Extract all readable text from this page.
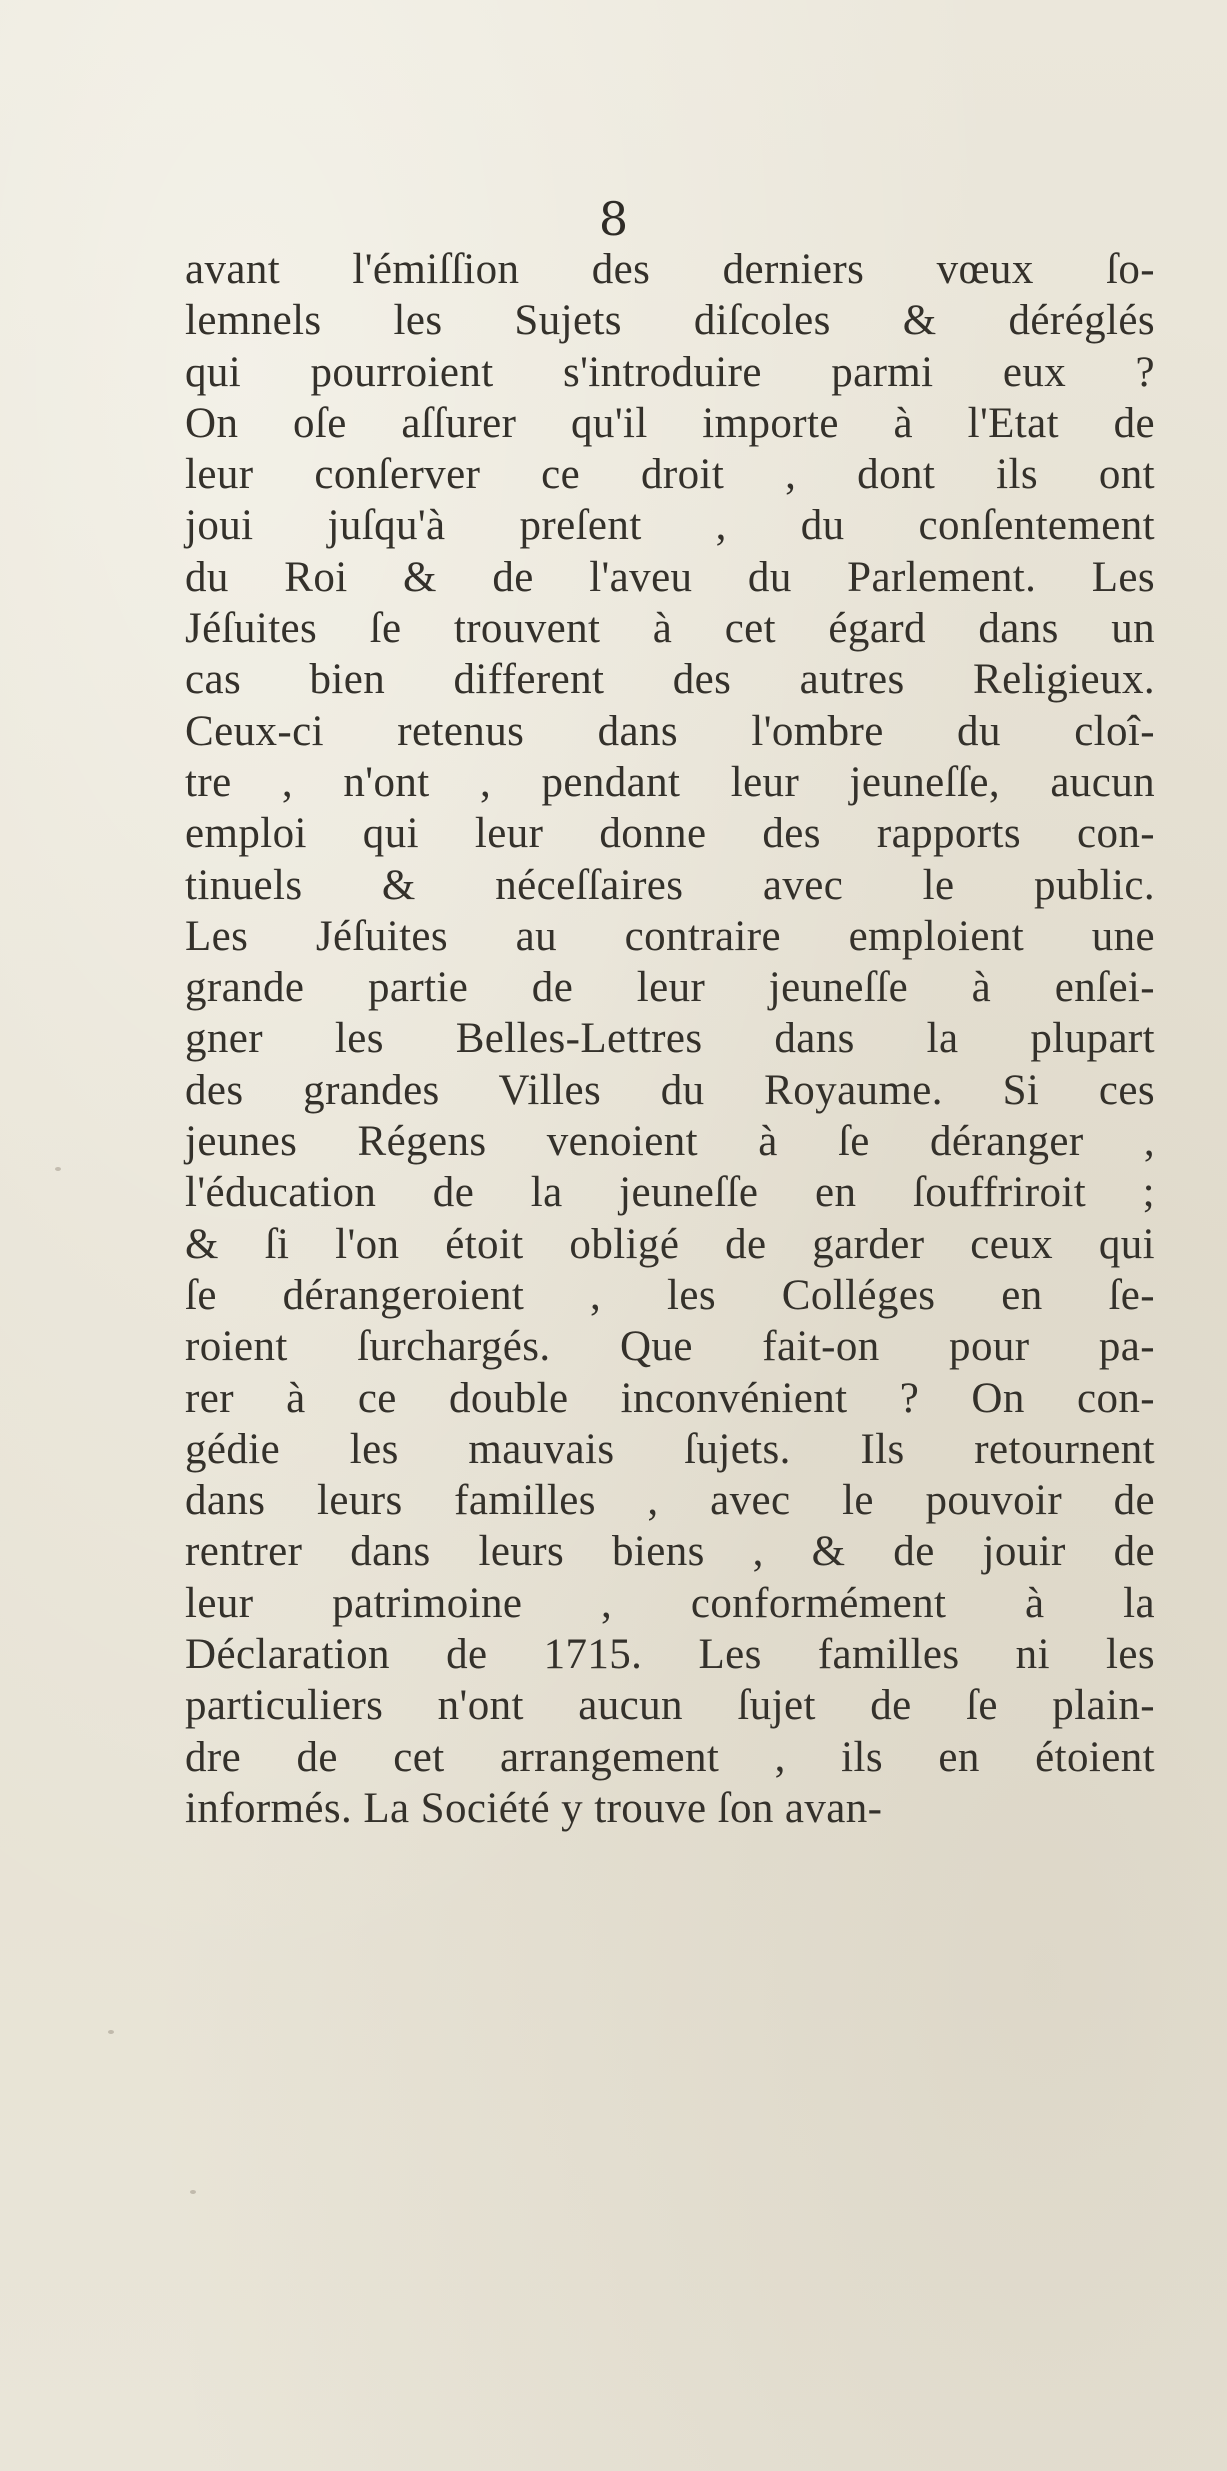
8
avant l'émiſſion des derniers vœux ſo-
lemnels les Sujets diſcoles & déréglés
qui pourroient s'introduire parmi eux ?
On oſe aſſurer qu'il importe à l'Etat de
leur conſerver ce droit , dont ils ont
joui juſqu'à preſent , du conſentement
du Roi & de l'aveu du Parlement. Les
Jéſuites ſe trouvent à cet égard dans un
cas bien different des autres Religieux.
Ceux-ci retenus dans l'ombre du cloî-
tre , n'ont , pendant leur jeuneſſe, aucun
emploi qui leur donne des rapports con-
tinuels & néceſſaires avec le public.
Les Jéſuites au contraire emploient une
grande partie de leur jeuneſſe à enſei-
gner les Belles-Lettres dans la plupart
des grandes Villes du Royaume. Si ces
jeunes Régens venoient à ſe déranger ,
l'éducation de la jeuneſſe en ſouffriroit ;
& ſi l'on étoit obligé de garder ceux qui
ſe dérangeroient , les Colléges en ſe-
roient ſurchargés. Que fait-on pour pa-
rer à ce double inconvénient ? On con-
gédie les mauvais ſujets. Ils retournent
dans leurs familles , avec le pouvoir de
rentrer dans leurs biens , & de jouir de
leur patrimoine , conformément à la
Déclaration de 1715. Les familles ni les
particuliers n'ont aucun ſujet de ſe plain-
dre de cet arrangement , ils en étoient
informés. La Société y trouve ſon avan-
